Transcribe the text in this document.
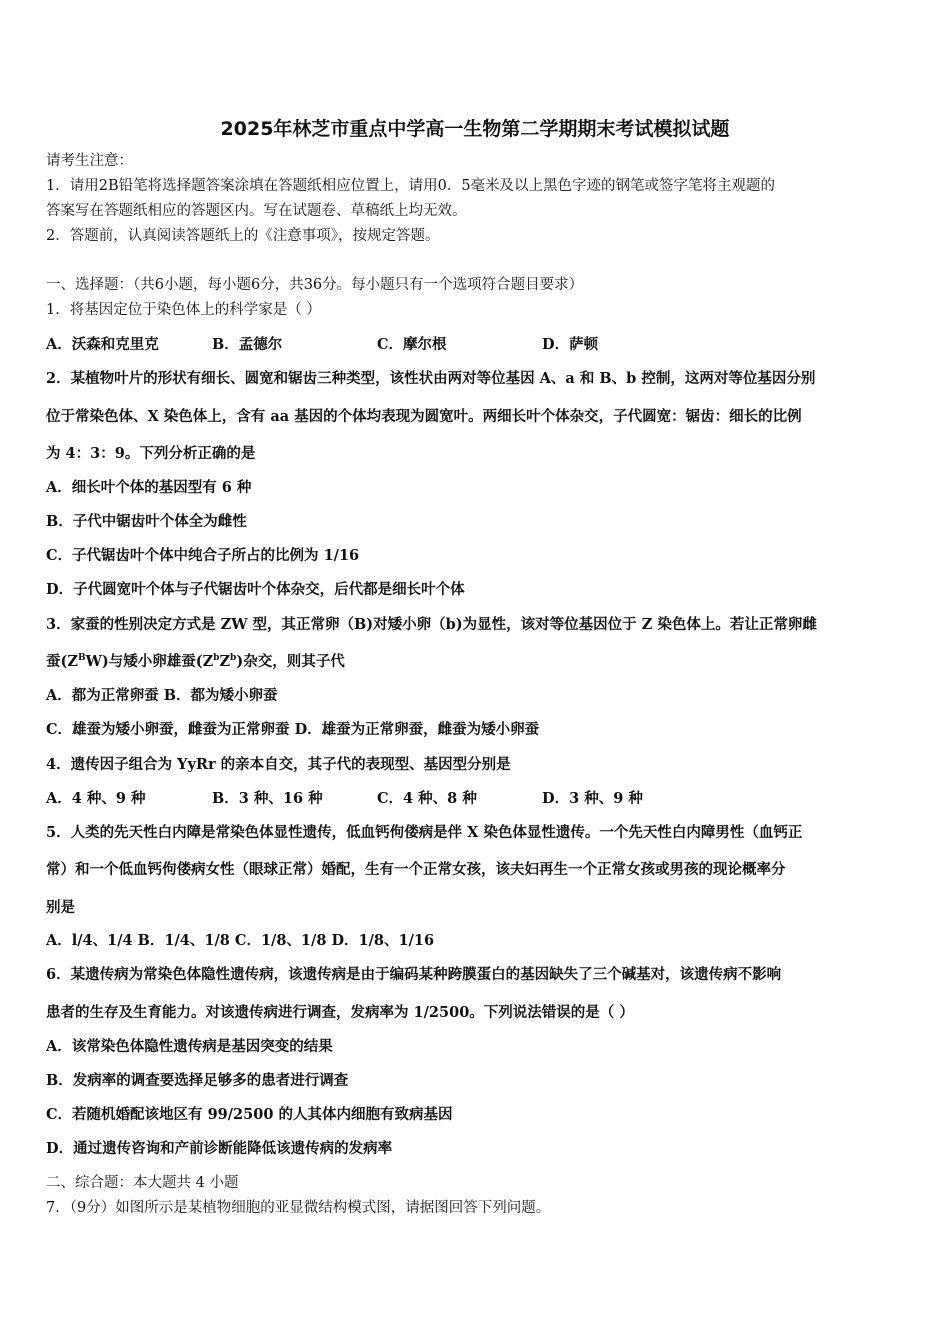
2025年林芝市重点中学高一生物第二学期期末考试模拟试题
请考生注意：
1．请用2B铅笔将选择题答案涂填在答题纸相应位置上，请用0．5毫米及以上黑色字迹的钢笔或签字笔将主观题的
答案写在答题纸相应的答题区内。写在试题卷、草稿纸上均无效。
2．答题前，认真阅读答题纸上的《注意事项》，按规定答题。
一、选择题：（共6小题，每小题6分，共36分。每小题只有一个选项符合题目要求）
1．将基因定位于染色体上的科学家是（ ）
A．沃森和克里克	B．孟德尔	C．摩尔根	D．萨顿
2．某植物叶片的形状有细长、圆宽和锯齿三种类型，该性状由两对等位基因 A、a 和 B、b 控制，这两对等位基因分别
位于常染色体、X 染色体上，含有 aa 基因的个体均表现为圆宽叶。两细长叶个体杂交，子代圆宽：锯齿：细长的比例
为 4：3：9。下列分析正确的是
A．细长叶个体的基因型有 6 种
B．子代中锯齿叶个体全为雌性
C．子代锯齿叶个体中纯合子所占的比例为 1/16
D．子代圆宽叶个体与子代锯齿叶个体杂交，后代都是细长叶个体
3．家蚕的性别决定方式是 ZW 型，其正常卵（B)对矮小卵（b)为显性，该对等位基因位于 Z 染色体上。若让正常卵雌
蚕$(Z^BW)$与矮小卵雄蚕$(Z^bZ^b)$杂交，则其子代
A．都为正常卵蚕 B．都为矮小卵蚕
C．雄蚕为矮小卵蚕，雌蚕为正常卵蚕 D．雄蚕为正常卵蚕，雌蚕为矮小卵蚕
4．遗传因子组合为 YyRr 的亲本自交，其子代的表现型、基因型分别是
A．4 种、9 种	B．3 种、16 种	C．4 种、8 种	D．3 种、9 种
5．人类的先天性白内障是常染色体显性遗传，低血钙佝偻病是伴 X 染色体显性遗传。一个先天性白内障男性（血钙正
常）和一个低血钙佝偻病女性（眼球正常）婚配，生有一个正常女孩，该夫妇再生一个正常女孩或男孩的现论概率分
别是
A．l/4、1/4 B．1/4、1/8 C．1/8、1/8 D．1/8、1/16
6．某遗传病为常染色体隐性遗传病，该遗传病是由于编码某种跨膜蛋白的基因缺失了三个碱基对，该遗传病不影响
患者的生存及生育能力。对该遗传病进行调查，发病率为 1/2500。下列说法错误的是（ ）
A．该常染色体隐性遗传病是基因突变的结果
B．发病率的调查要选择足够多的患者进行调查
C．若随机婚配该地区有 99/2500 的人其体内细胞有致病基因
D．通过遗传咨询和产前诊断能降低该遗传病的发病率
二、综合题：本大题共 4 小题
7．（9分）如图所示是某植物细胞的亚显微结构模式图，请据图回答下列问题。
